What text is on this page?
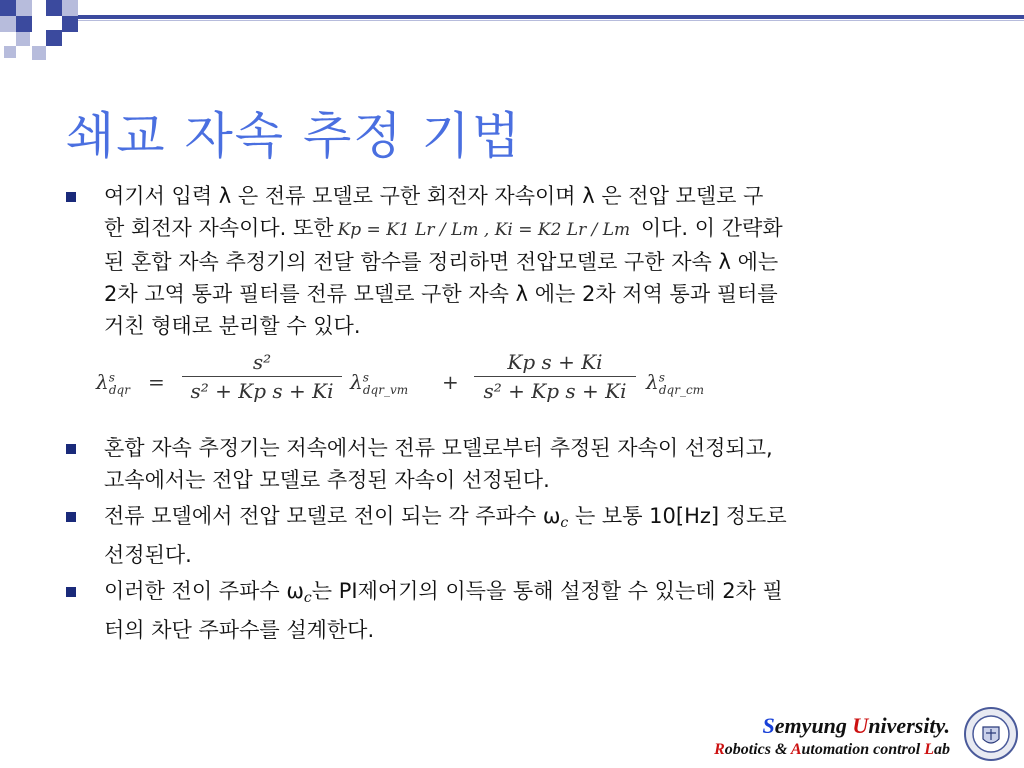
쇄교 자속 추정 기법
여기서 입력 λ 은 전류 모델로 구한 회전자 자속이며 λ 은 전압 모델로 구
한 회전자 자속이다. 또한 Kp = K1 Lr / Lm , Ki = K2 Lr / Lm 이다. 이 간략화
된 혼합 자속 추정기의 전달 함수를 정리하면 전압모델로 구한 자속 λ 에는
2차 고역 통과 필터를 전류 모델로 구한 자속 λ 에는 2차 저역 통과 필터를
거친 형태로 분리할 수 있다.
$\lambda^s_{dqr}$ =
s²
s² + Kp s + Ki $\lambda^s_{dqr\_vm}$ +
Kp s + Ki
s² + Kp s + Ki $\lambda^s_{dqr\_cm}$
혼합 자속 추정기는 저속에서는 전류 모델로부터 추정된 자속이 선정되고,
고속에서는 전압 모델로 추정된 자속이 선정된다.
전류 모델에서 전압 모델로 전이 되는 각 주파수 ωc 는 보통 10[Hz] 정도로
선정된다.
이러한 전이 주파수 ωc는 PI제어기의 이득을 통해 설정할 수 있는데 2차 필
터의 차단 주파수를 설계한다.
Semyung University.
Robotics & Automation control Lab
